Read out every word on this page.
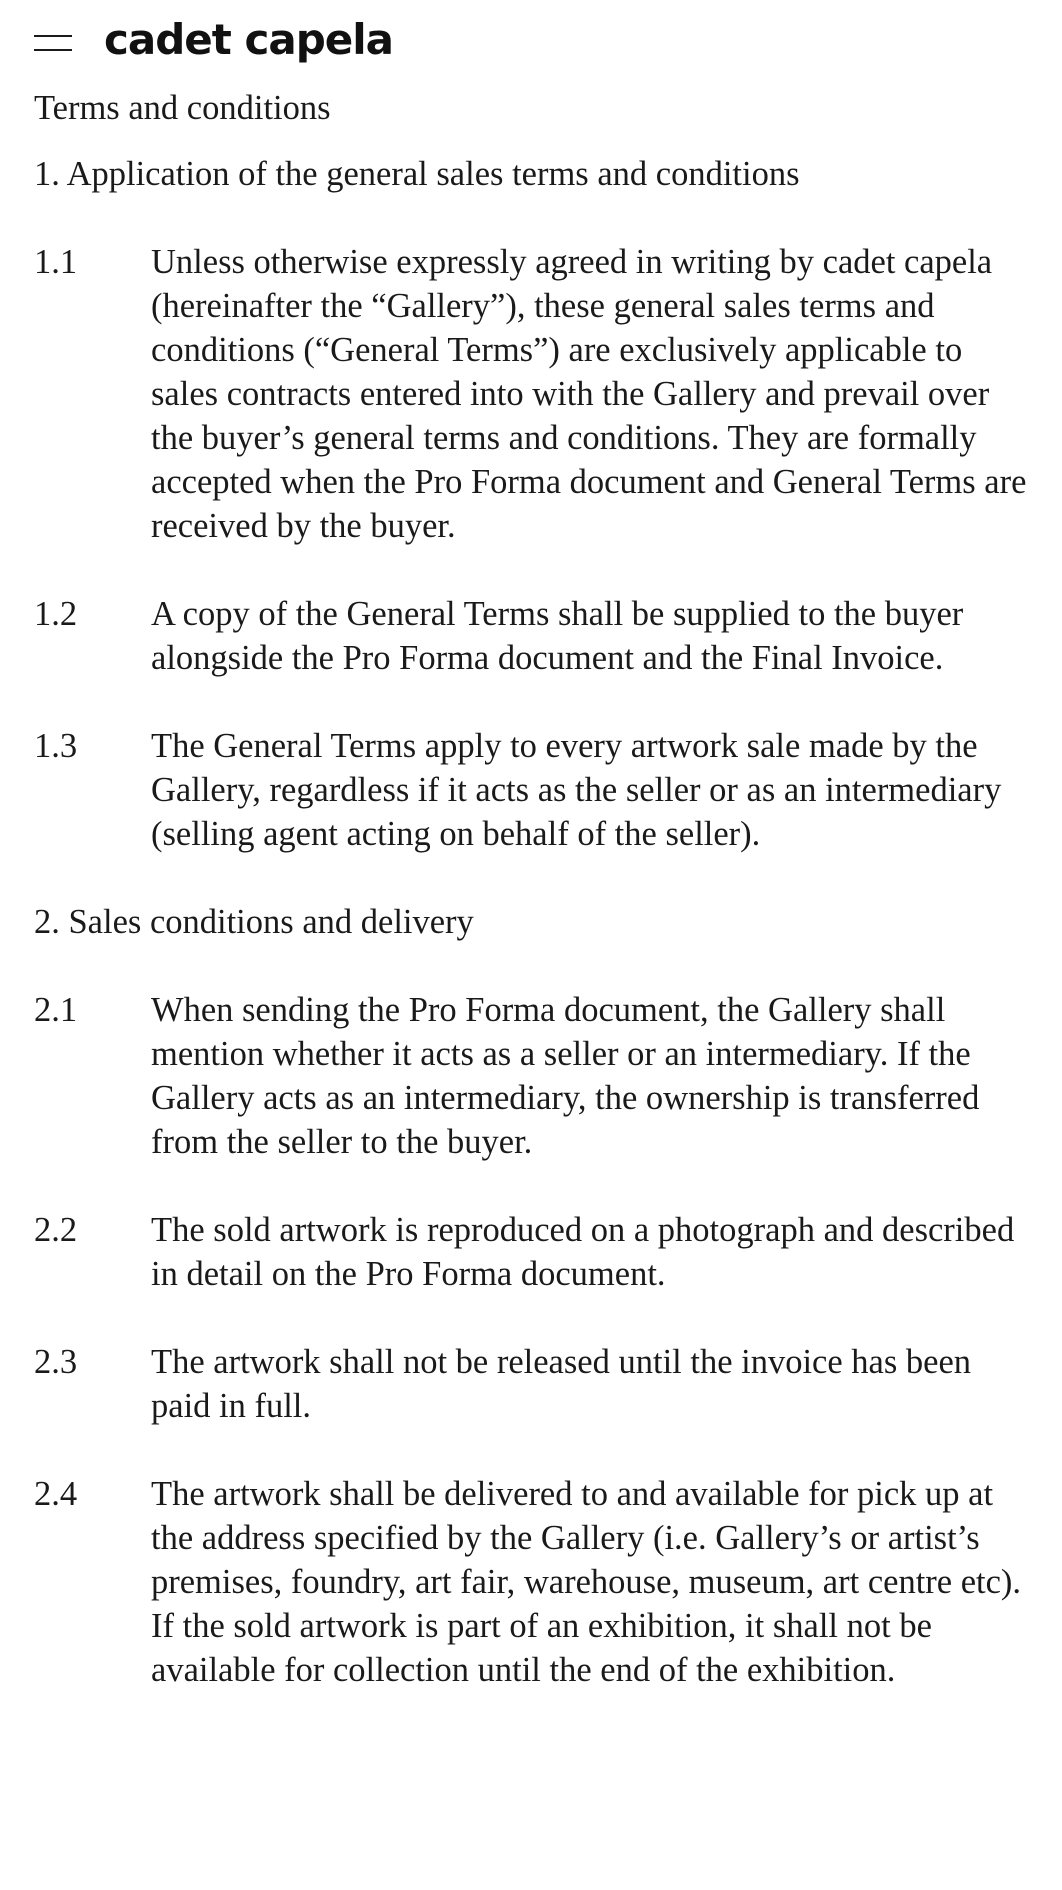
cadet capela
Terms and conditions
1. Application of the general sales terms and conditions
1.1	Unless otherwise expressly agreed in writing by cadet capela (hereinafter the “Gallery”), these general sales terms and conditions (“General Terms”) are exclusively applicable to sales contracts entered into with the Gallery and prevail over the buyer’s general terms and conditions. They are formally accepted when the Pro Forma document and General Terms are received by the buyer.
1.2	A copy of the General Terms shall be supplied to the buyer alongside the Pro Forma document and the Final Invoice.
1.3	The General Terms apply to every artwork sale made by the Gallery, regardless if it acts as the seller or as an intermediary (selling agent acting on behalf of the seller).
2. Sales conditions and delivery
2.1	When sending the Pro Forma document, the Gallery shall mention whether it acts as a seller or an intermediary. If the Gallery acts as an intermediary, the ownership is transferred from the seller to the buyer.
2.2	The sold artwork is reproduced on a photograph and described in detail on the Pro Forma document.
2.3	The artwork shall not be released until the invoice has been paid in full.
2.4	The artwork shall be delivered to and available for pick up at the address specified by the Gallery (i.e. Gallery’s or artist’s premises, foundry, art fair, warehouse, museum, art centre etc). If the sold artwork is part of an exhibition, it shall not be available for collection until the end of the exhibition.
